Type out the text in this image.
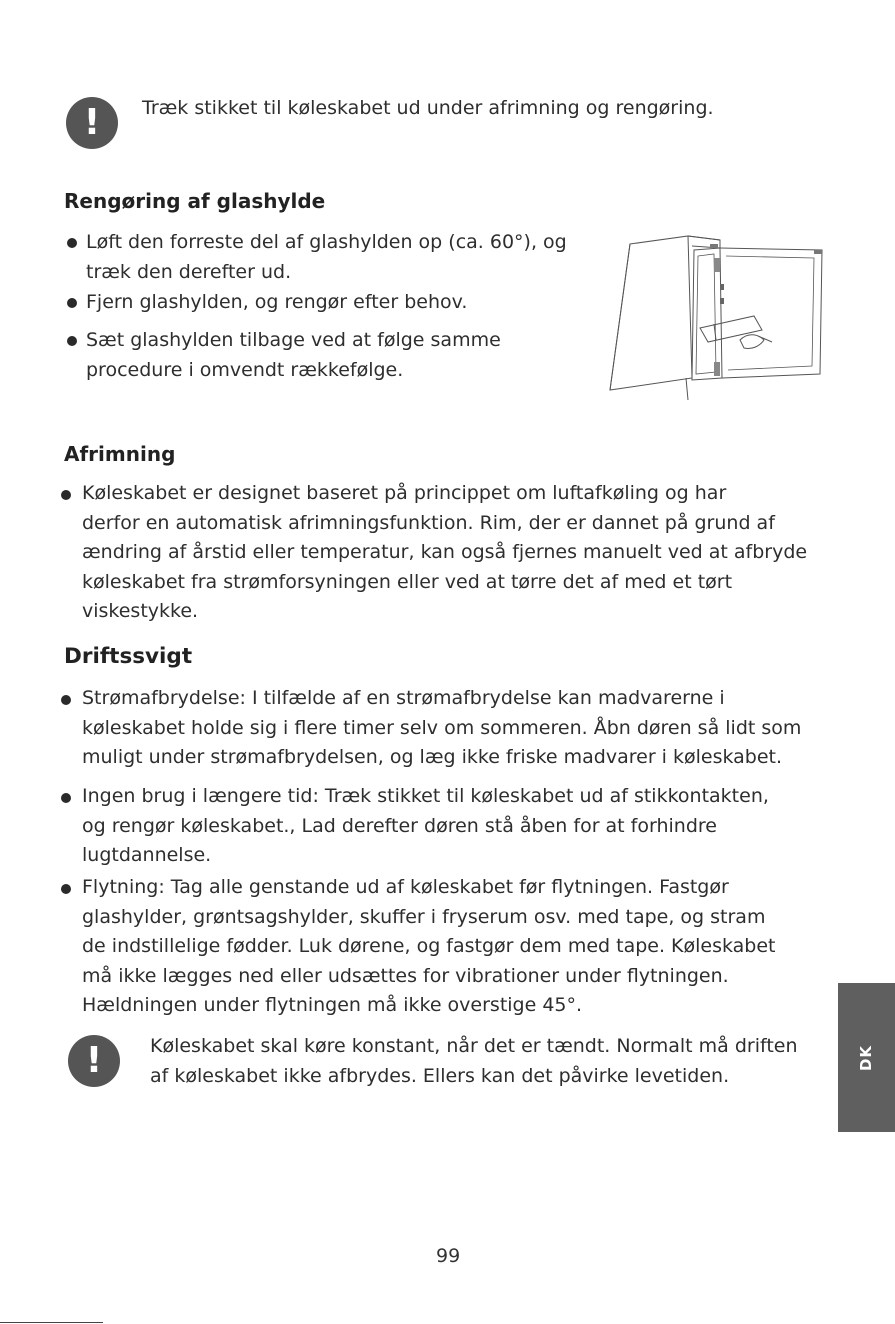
!	Træk stikket til køleskabet ud under afrimning og rengøring.
Rengøring af glashylde
Løft den forreste del af glashylden op (ca. 60°), og
træk den derefter ud.
Fjern glashylden, og rengør efter behov.
Sæt glashylden tilbage ved at følge samme
procedure i omvendt rækkefølge.
Afrimning
Køleskabet er designet baseret på princippet om luftafkøling og har
derfor en automatisk afrimningsfunktion. Rim, der er dannet på grund af
ændring af årstid eller temperatur, kan også fjernes manuelt ved at afbryde
køleskabet fra strømforsyningen eller ved at tørre det af med et tørt
viskestykke.
Driftssvigt
Strømafbrydelse: I tilfælde af en strømafbrydelse kan madvarerne i
køleskabet holde sig i flere timer selv om sommeren. Åbn døren så lidt som
muligt under strømafbrydelsen, og læg ikke friske madvarer i køleskabet.
Ingen brug i længere tid: Træk stikket til køleskabet ud af stikkontakten,
og rengør køleskabet., Lad derefter døren stå åben for at forhindre
lugtdannelse.
Flytning: Tag alle genstande ud af køleskabet før flytningen. Fastgør
glashylder, grøntsagshylder, skuffer i fryserum osv. med tape, og stram
de indstillelige fødder. Luk dørene, og fastgør dem med tape. Køleskabet
må ikke lægges ned eller udsættes for vibrationer under flytningen.
Hældningen under flytningen må ikke overstige 45°.
!	Køleskabet skal køre konstant, når det er tændt. Normalt må driften
af køleskabet ikke afbrydes. Ellers kan det påvirke levetiden.
DK
99
